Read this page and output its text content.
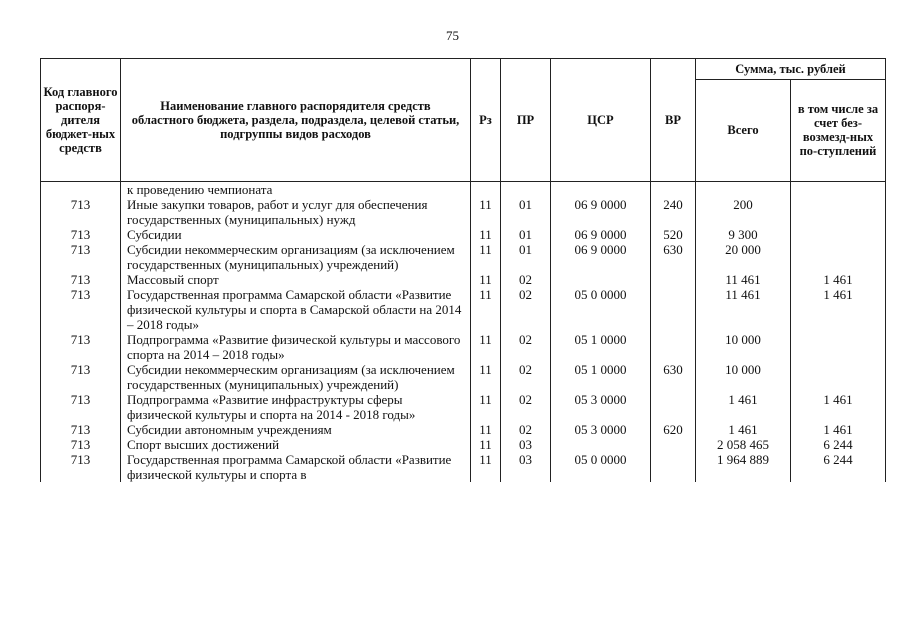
75
Код главного распоря-дителя бюджет-ных средств	Наименование главного распорядителя средств областного бюджета, раздела, подраздела, целевой статьи, подгруппы видов расходов	Рз	ПР	ЦСР	ВР	Сумма, тыс. рублей	
						Всего	в том числе за счет без-возмезд-ных по-ступлений
	к проведению чемпионата						
713	Иные закупки товаров, работ и услуг для обеспечения государственных (муниципальных) нужд	11	01	06 9 0000	240	200	
713	Субсидии	11	01	06 9 0000	520	9 300	
713	Субсидии некоммерческим организациям (за исключением государственных (муниципальных) учреждений)	11	01	06 9 0000	630	20 000	
713	Массовый спорт	11	02			11 461	1 461
713	Государственная программа Самарской области «Развитие физической культуры и спорта в Самарской области на 2014 – 2018 годы»	11	02	05 0 0000		11 461	1 461
713	Подпрограмма «Развитие физической культуры и массового спорта на 2014 – 2018 годы»	11	02	05 1 0000		10 000	
713	Субсидии некоммерческим организациям (за исключением государственных (муниципальных) учреждений)	11	02	05 1 0000	630	10 000	
713	Подпрограмма «Развитие инфраструктуры сферы физической культуры и спорта на 2014 - 2018 годы»	11	02	05 3 0000		1 461	1 461
713	Субсидии автономным учреждениям	11	02	05 3 0000	620	1 461	1 461
713	Спорт высших достижений	11	03			2 058 465	6 244
713	Государственная программа Самарской области «Развитие физической культуры и спорта в	11	03	05 0 0000		1 964 889	6 244
